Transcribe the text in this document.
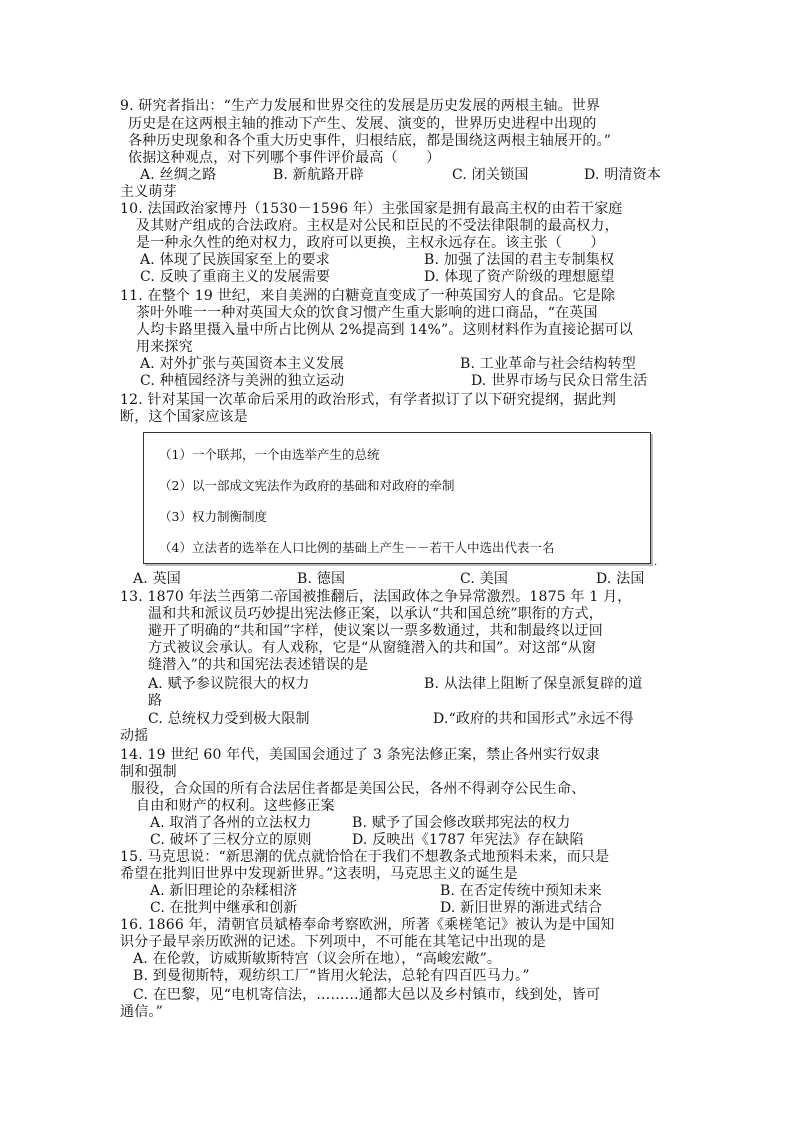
9. 研究者指出：“生产力发展和世界交往的发展是历史发展的两根主轴。世界
历史是在这两根主轴的推动下产生、发展、演变的，世界历史进程中出现的
各种历史现象和各个重大历史事件，归根结底，都是围绕这两根主轴展开的。”
依据这种观点，对下列哪个事件评价最高（　　）
A. 丝绸之路	B. 新航路开辟	C. 闭关锁国	D. 明清资本
主义萌芽
10. 法国政治家博丹（1530－1596 年）主张国家是拥有最高主权的由若干家庭
及其财产组成的合法政府。主权是对公民和臣民的不受法律限制的最高权力，
是一种永久性的绝对权力，政府可以更换，主权永远存在。该主张（　　）
A. 体现了民族国家至上的要求	B. 加强了法国的君主专制集权
C. 反映了重商主义的发展需要	D. 体现了资产阶级的理想愿望
11. 在整个 19 世纪，来自美洲的白糖竟直变成了一种英国穷人的食品。它是除
茶叶外唯一一种对英国大众的饮食习惯产生重大影响的进口商品，“在英国
人均卡路里摄入量中所占比例从 2%提高到 14%”。这则材料作为直接论据可以
用来探究
A. 对外扩张与英国资本主义发展	B. 工业革命与社会结构转型
C. 种植园经济与美洲的独立运动	D. 世界市场与民众日常生活
12. 针对某国一次革命后采用的政治形式，有学者拟订了以下研究提纲，据此判
断，这个国家应该是
（1）一个联邦，一个由选举产生的总统
（2）以一部成文宪法作为政府的基础和对政府的牵制
（3）权力制衡制度
（4）立法者的选举在人口比例的基础上产生－－若干人中选出代表一名
.
A. 英国	B. 德国	C. 美国	D. 法国
13. 1870 年法兰西第二帝国被推翻后，法国政体之争异常激烈。1875 年 1 月，
温和共和派议员巧妙提出宪法修正案，以承认“共和国总统”职衔的方式，
避开了明确的“共和国”字样，使议案以一票多数通过，共和制最终以迂回
方式被议会承认。有人戏称，它是“从窗缝潜入的共和国”。对这部“从窗
缝潜入”的共和国宪法表述错误的是
A. 赋予参议院很大的权力	B. 从法律上阻断了保皇派复辟的道
路
C. 总统权力受到极大限制	D.“政府的共和国形式”永远不得
动摇
14. 19 世纪 60 年代，美国国会通过了 3 条宪法修正案，禁止各州实行奴隶
制和强制
服役，合众国的所有合法居住者都是美国公民，各州不得剥夺公民生命、
自由和财产的权利。这些修正案
A. 取消了各州的立法权力	B. 赋予了国会修改联邦宪法的权力
C. 破坏了三权分立的原则	D. 反映出《1787 年宪法》存在缺陷
15. 马克思说：“新思潮的优点就恰恰在于我们不想教条式地预料未来，而只是
希望在批判旧世界中发现新世界。”这表明，马克思主义的诞生是
A. 新旧理论的杂糅相济	B. 在否定传统中预知未来
C. 在批判中继承和创新	D. 新旧世界的渐进式结合
16. 1866 年，清朝官员斌椿奉命考察欧洲，所著《乘槎笔记》被认为是中国知
识分子最早亲历欧洲的记述。下列项中，不可能在其笔记中出现的是
A. 在伦敦，访威斯敏斯特宫（议会所在地），“高峻宏敞”。
B. 到曼彻斯特，观纺织工厂“皆用火轮法，总轮有四百匹马力。”
C. 在巴黎，见“电机寄信法，………通都大邑以及乡村镇市，线到处，皆可
通信。”
